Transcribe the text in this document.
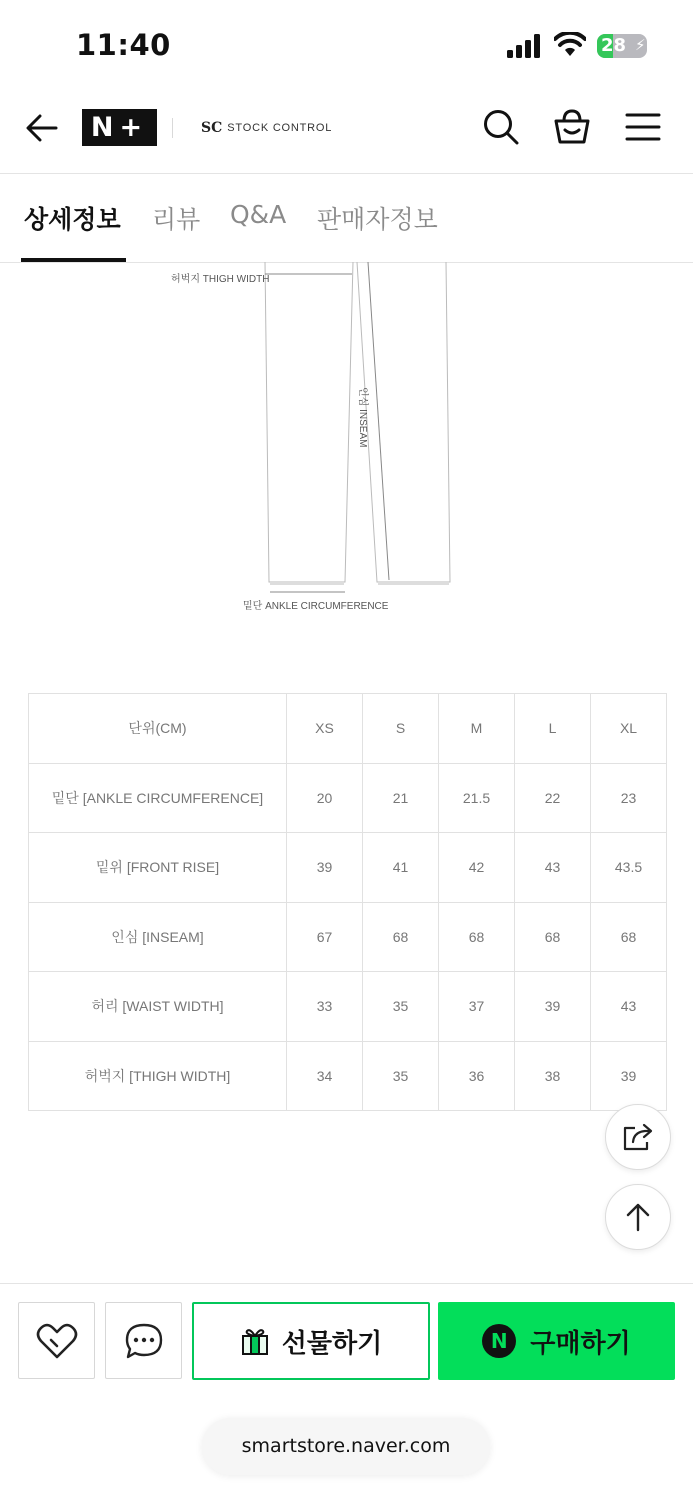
11:40	28 ⚡
N+	SC STOCK CONTROL
상세정보 리뷰 Q&A 판매자정보
허벅지 THIGH WIDTH
인심 INSEAM
밑단 ANKLE CIRCUMFERENCE
단위(CM)	XS	S	M	L	XL
밑단 [ANKLE CIRCUMFERENCE]	20	21	21.5	22	23
밑위 [FRONT RISE]	39	41	42	43	43.5
인심 [INSEAM]	67	68	68	68	68
허리 [WAIST WIDTH]	33	35	37	39	43
허벅지 [THIGH WIDTH]	34	35	36	38	39
선물하기	N 구매하기
smartstore.naver.com
